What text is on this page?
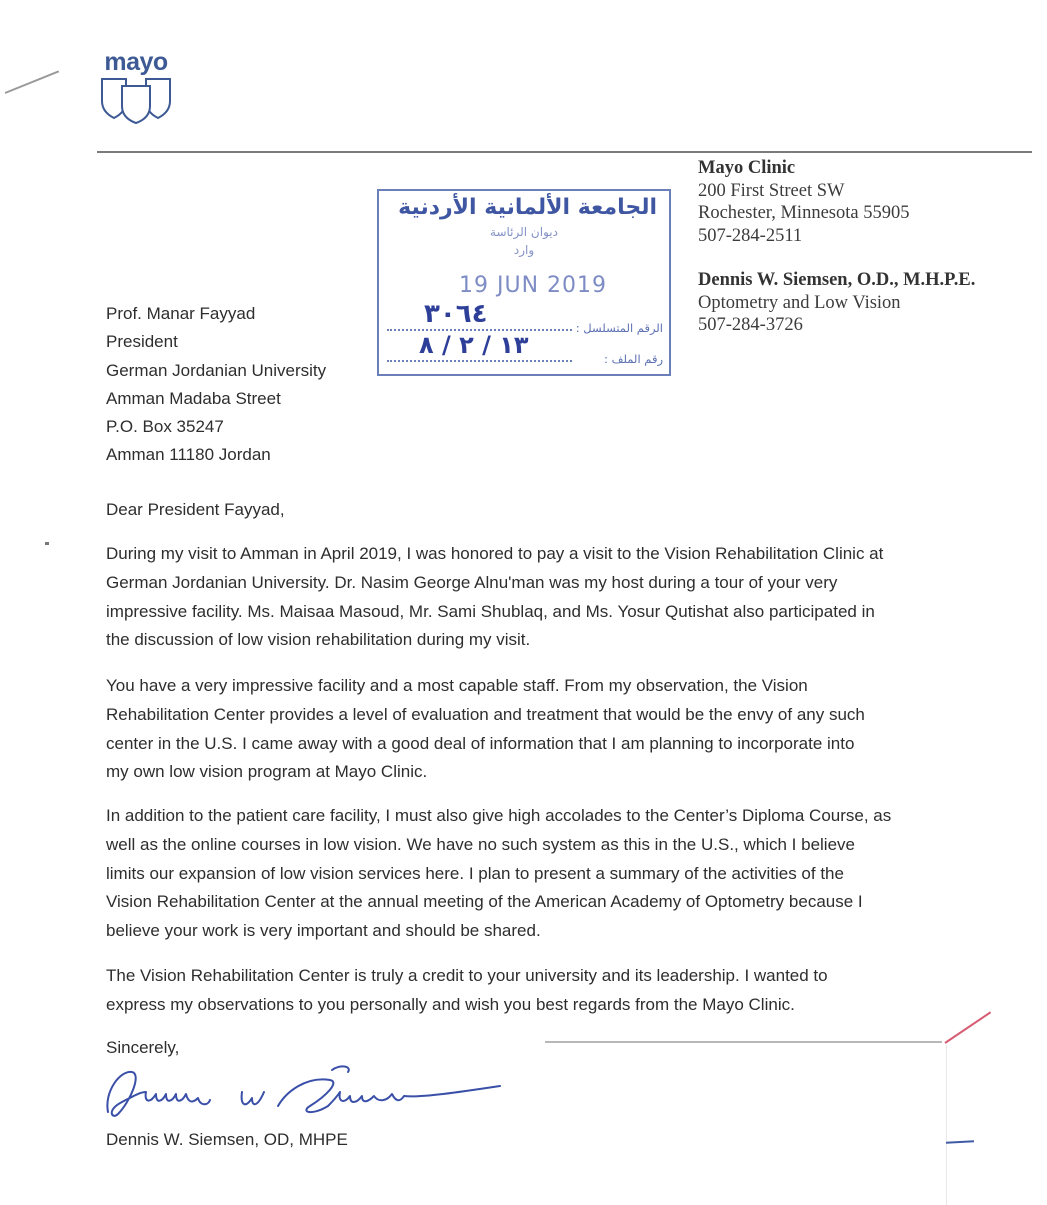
mayo
Mayo Clinic
200 First Street SW
Rochester, Minnesota 55905
507-284-2511
Dennis W. Siemsen, O.D., M.H.P.E.
Optometry and Low Vision
507-284-3726
الجامعة الألمانية الأردنية
ديوان الرئاسة
وارد
19 JUN 2019
الرقم المتسلسل :
رقم الملف :
٣٠٦٤
١٣ / ٢ / ٨
Prof. Manar Fayyad
President
German Jordanian University
Amman Madaba Street
P.O. Box 35247
Amman 11180 Jordan
Dear President Fayyad,
During my visit to Amman in April 2019, I was honored to pay a visit to the Vision Rehabilitation Clinic at
German Jordanian University. Dr. Nasim George Alnu'man was my host during a tour of your very
impressive facility. Ms. Maisaa Masoud, Mr. Sami Shublaq, and Ms. Yosur Qutishat also participated in
the discussion of low vision rehabilitation during my visit.
You have a very impressive facility and a most capable staff. From my observation, the Vision
Rehabilitation Center provides a level of evaluation and treatment that would be the envy of any such
center in the U.S. I came away with a good deal of information that I am planning to incorporate into
my own low vision program at Mayo Clinic.
In addition to the patient care facility, I must also give high accolades to the Center’s Diploma Course, as
well as the online courses in low vision. We have no such system as this in the U.S., which I believe
limits our expansion of low vision services here. I plan to present a summary of the activities of the
Vision Rehabilitation Center at the annual meeting of the American Academy of Optometry because I
believe your work is very important and should be shared.
The Vision Rehabilitation Center is truly a credit to your university and its leadership. I wanted to
express my observations to you personally and wish you best regards from the Mayo Clinic.
Sincerely,
Dennis W. Siemsen, OD, MHPE
